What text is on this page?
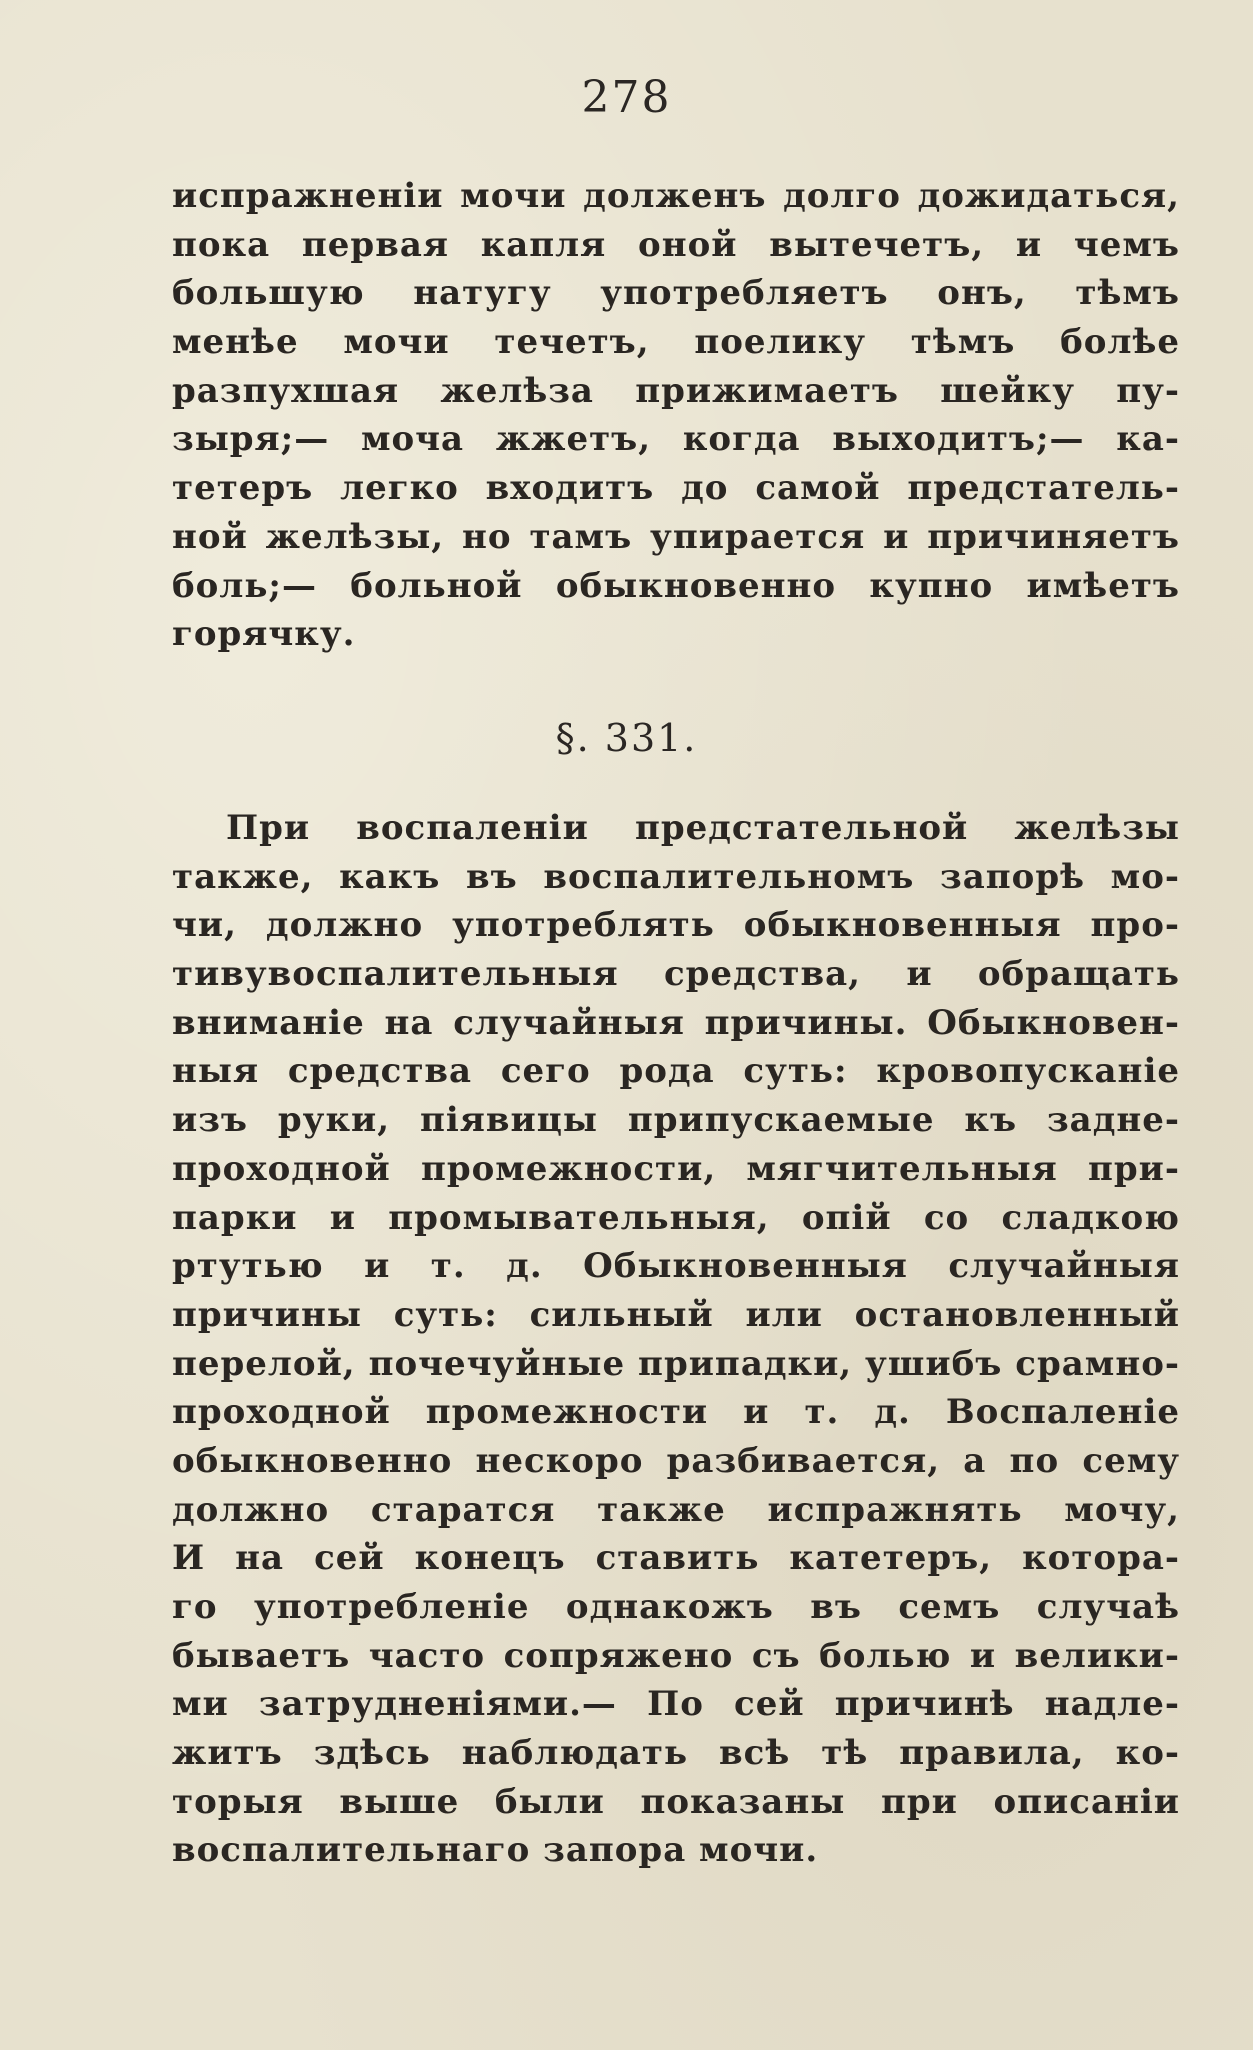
278
испражненiи мочи долженъ долго дожидаться,
пока первая капля оной вытечетъ, и чемъ
большую натугу употребляетъ онъ, тѣмъ
менѣе мочи течетъ, поелику тѣмъ болѣе
разпухшая желѣза прижимаетъ шейку пу-
зыря;— моча жжетъ, когда выходитъ;— ка-
тетеръ легко входитъ до самой предстатель-
ной желѣзы, но тамъ упирается и причиняетъ
боль;— больной обыкновенно купно имѣетъ
горячку.
§. 331.
При воспаленiи предстательной желѣзы
также, какъ въ воспалительномъ запорѣ мо-
чи, должно употреблять обыкновенныя про-
тивувоспалительныя средства, и обращать
вниманiе на случайныя причины. Обыкновен-
ныя средства сего рода суть: кровопусканiе
изъ руки, пiявицы припускаемые къ задне-
проходной промежности, мягчительныя при-
парки и промывательныя, опiй со сладкою
ртутью и т. д. Обыкновенныя случайныя
причины суть: сильный или остановленный
перелой, почечуйные припадки, ушибъ срамно-
проходной промежности и т. д. Воспаленiе
обыкновенно нескоро разбивается, а по сему
должно старатся также испражнять мочу,
И на сей конецъ ставить катетеръ, котора-
го употребленiе однакожъ въ семъ случаѣ
бываетъ часто сопряжено съ болью и велики-
ми затрудненiями.— По сей причинѣ надле-
житъ здѣсь наблюдать всѣ тѣ правила, ко-
торыя выше были показаны при описанiи
воспалительнаго запора мочи.
